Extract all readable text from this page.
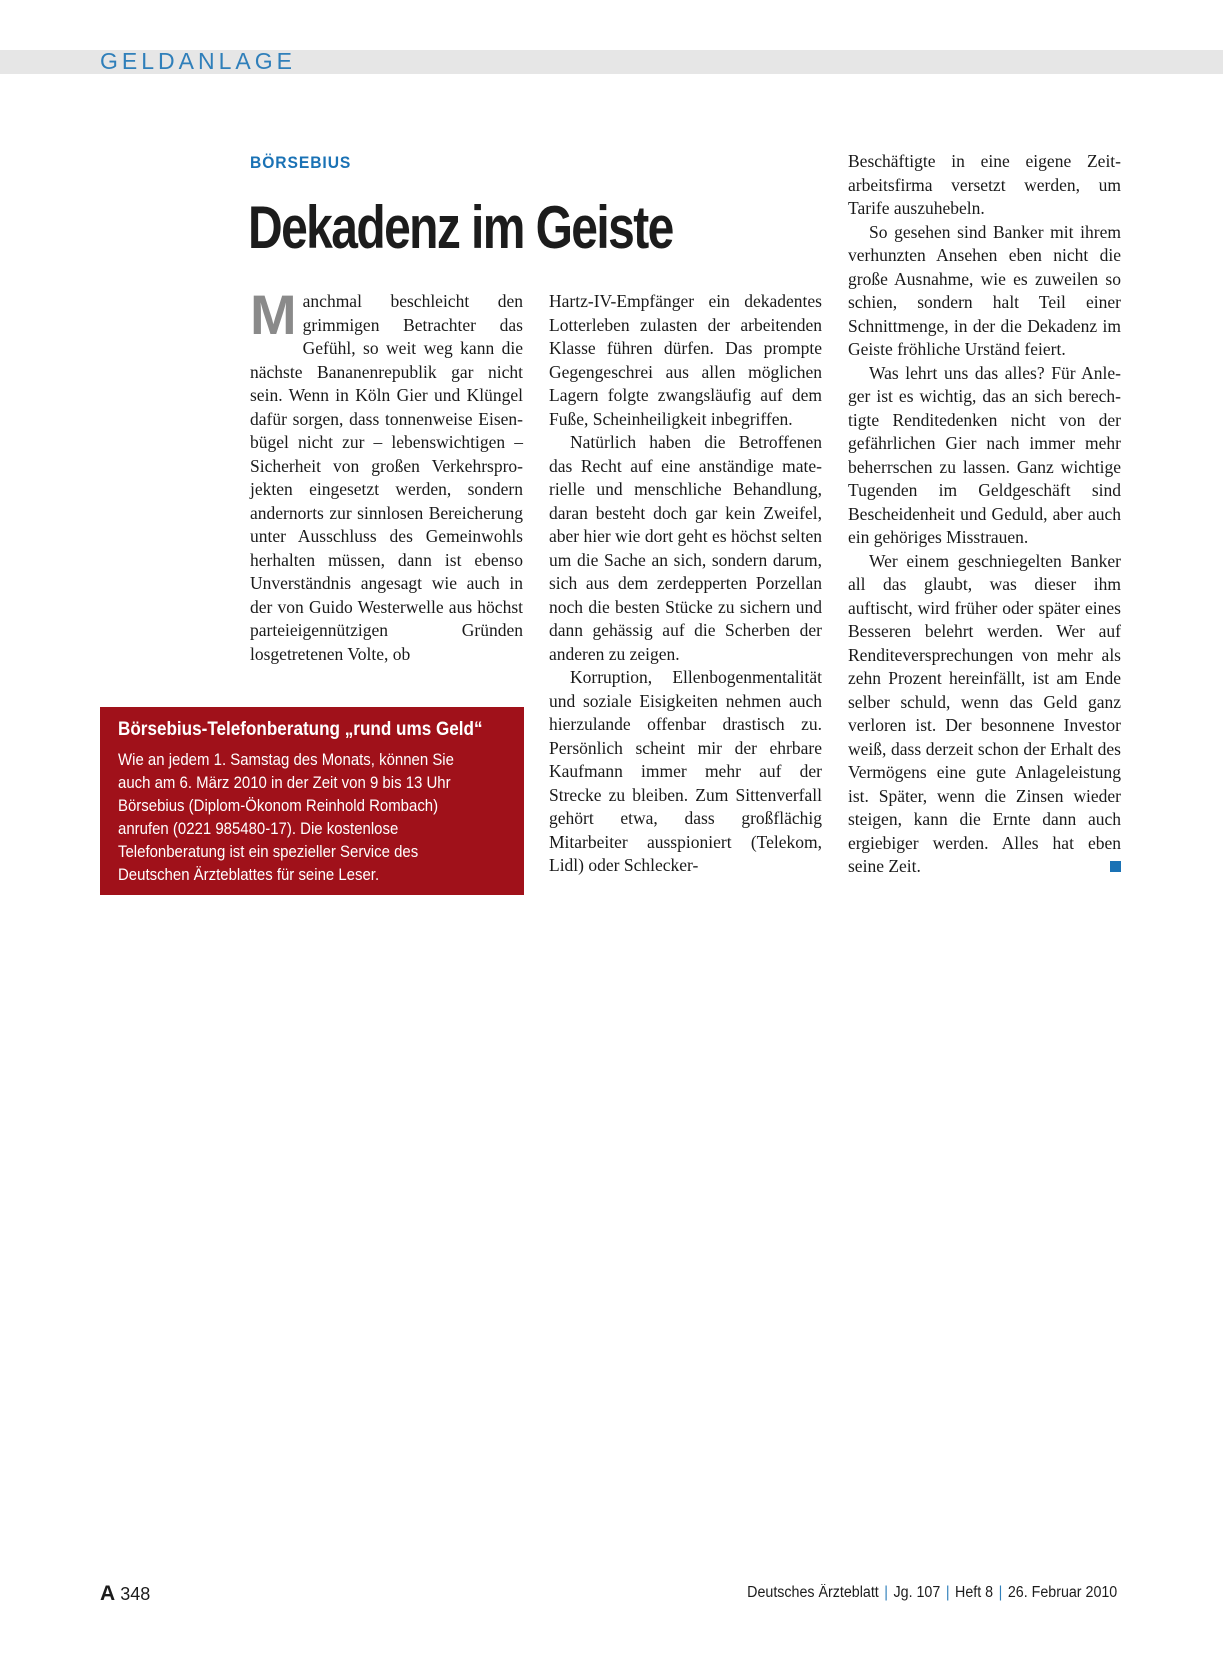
GELDANLAGE
BÖRSEBIUS
Dekadenz im Geiste

Manchmal beschleicht den grimmigen Betrachter das Gefühl, so weit weg kann die nächste Bananenrepublik gar nicht sein. Wenn in Köln Gier und Klüngel dafür sorgen, dass tonnenweise Eisenbügel nicht zur – lebenswichtigen – Sicherheit von großen Verkehrsprojekten eingesetzt werden, sondern andernorts zur sinnlosen Bereicherung unter Ausschluss des Gemeinwohls herhalten müssen, dann ist ebenso Unverständnis angesagt wie auch in der von Guido Westerwelle aus höchst parteieigennützigen Gründen losgetretenen Volte, ob

Hartz-IV-Empfänger ein dekadentes Lotterleben zulasten der arbeitenden Klasse führen dürfen. Das prompte Gegengeschrei aus allen möglichen Lagern folgte zwangsläufig auf dem Fuße, Scheinheiligkeit inbegriffen.

Natürlich haben die Betroffenen das Recht auf eine anständige materielle und menschliche Behandlung, daran besteht doch gar kein Zweifel, aber hier wie dort geht es höchst selten um die Sache an sich, sondern darum, sich aus dem zerdepperten Porzellan noch die besten Stücke zu sichern und dann gehässig auf die Scherben der anderen zu zeigen.

Korruption, Ellenbogenmentalität und soziale Eisigkeiten nehmen auch hierzulande offenbar drastisch zu. Persönlich scheint mir der ehrbare Kaufmann immer mehr auf der Strecke zu bleiben. Zum Sittenverfall gehört etwa, dass großflächig Mitarbeiter ausspioniert (Telekom, Lidl) oder Schlecker-

Beschäftigte in eine eigene Zeitarbeitsfirma versetzt werden, um Tarife auszuhebeln.

So gesehen sind Banker mit ihrem verhunzten Ansehen eben nicht die große Ausnahme, wie es zuweilen so schien, sondern halt Teil einer Schnittmenge, in der die Dekadenz im Geiste fröhliche Urständ feiert.

Was lehrt uns das alles? Für Anleger ist es wichtig, das an sich berechtigte Renditedenken nicht von der gefährlichen Gier nach immer mehr beherrschen zu lassen. Ganz wichtige Tugenden im Geldgeschäft sind Bescheidenheit und Geduld, aber auch ein gehöriges Misstrauen.

Wer einem geschniegelten Banker all das glaubt, was dieser ihm auftischt, wird früher oder später eines Besseren belehrt werden. Wer auf Renditeversprechungen von mehr als zehn Prozent hereinfällt, ist am Ende selber schuld, wenn das Geld ganz verloren ist. Der besonnene Investor weiß, dass derzeit schon der Erhalt des Vermögens eine gute Anlageleistung ist. Später, wenn die Zinsen wieder steigen, kann die Ernte dann auch ergiebiger werden. Alles hat eben seine Zeit.

Börsebius-Telefonberatung „rund ums Geld“
Wie an jedem 1. Samstag des Monats, können Sie auch am 6. März 2010 in der Zeit von 9 bis 13 Uhr Börsebius (Diplom-Ökonom Reinhold Rombach) anrufen (0221 985480-17). Die kostenlose Telefonberatung ist ein spezieller Service des Deutschen Ärzteblattes für seine Leser.
A 348	Deutsches Ärzteblatt | Jg. 107 | Heft 8 | 26. Februar 2010
